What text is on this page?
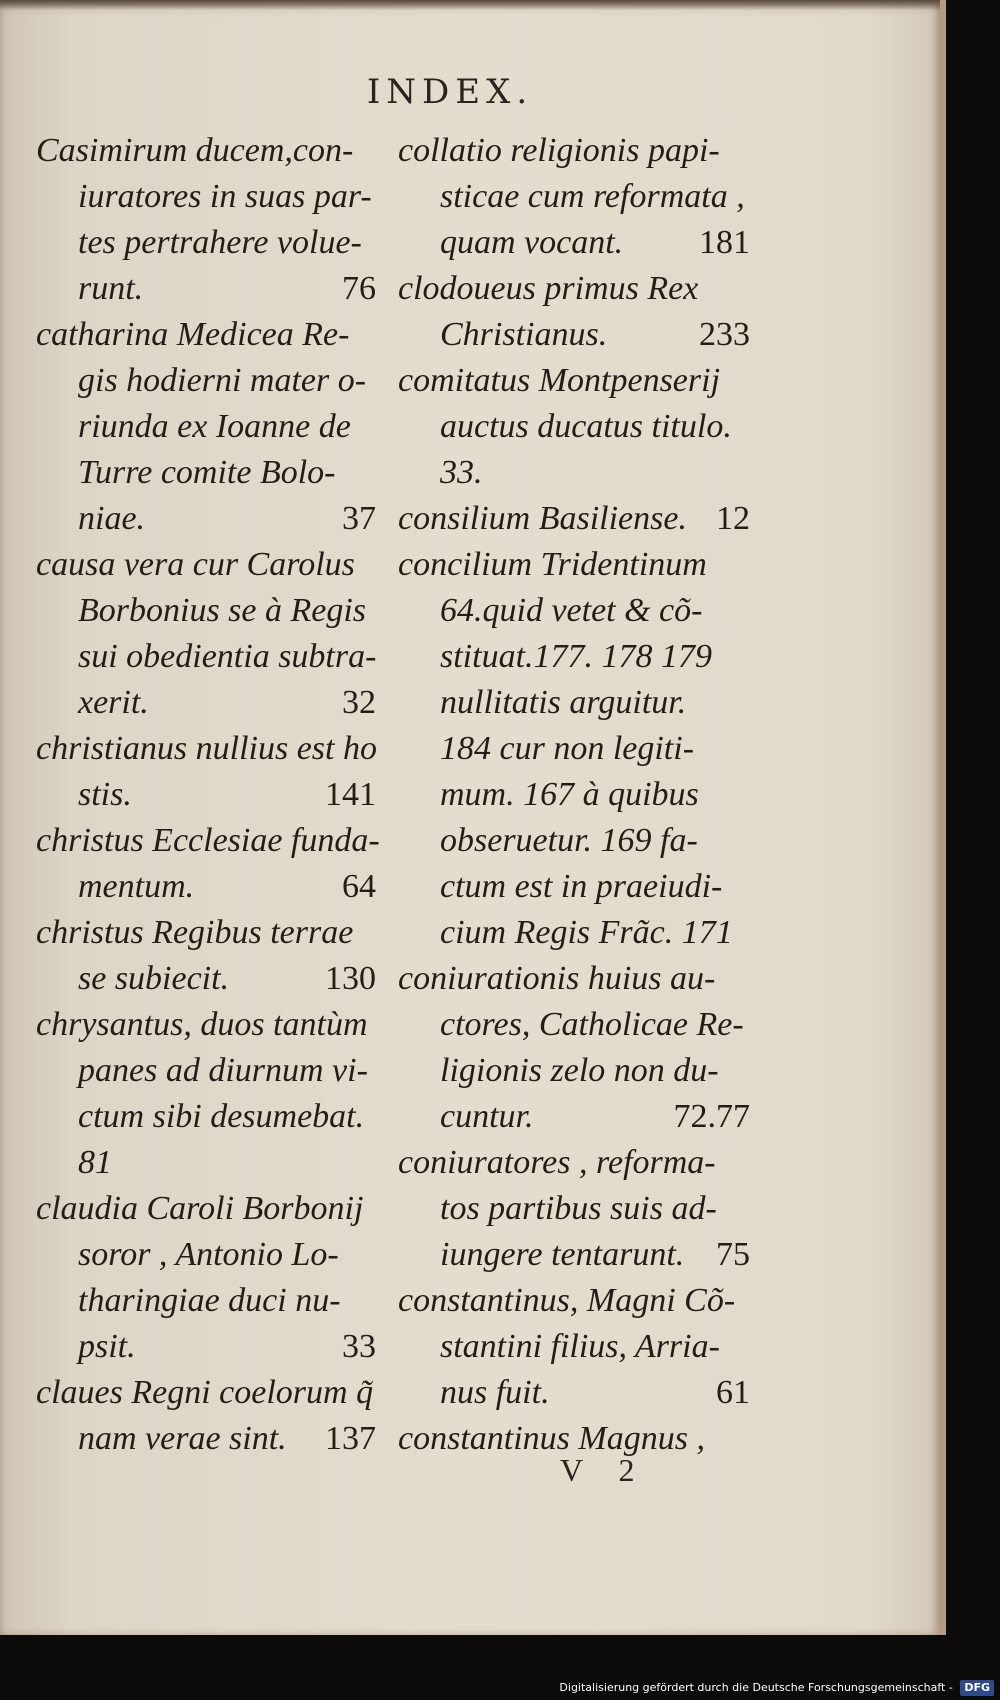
INDEX.
Casimirum ducem,con-
iuratores in suas par-
tes pertrahere volue-
76
runt.
catharina Medicea Re-
gis hodierni mater o-
riunda ex Ioanne de
Turre comite Bolo-
37
niae.
causa vera cur Carolus
Borbonius se à Regis
sui obedientia subtra-
32
xerit.
christianus nullius est ho
141
stis.
christus Ecclesiae funda-
64
mentum.
christus Regibus terrae
130
se subiecit.
chrysantus, duos tantùm
panes ad diurnum vi-
ctum sibi desumebat.
81
claudia Caroli Borbonij
soror , Antonio Lo-
tharingiae duci nu-
33
psit.
claues Regni coelorum q̃
137
nam verae sint.
collatio religionis papi-
sticae cum reformata ,
181
quam vocant.
clodoueus primus Rex
233
Christianus.
comitatus Montpenserij
auctus ducatus titulo.
33.
12
consilium Basiliense.
concilium Tridentinum
64.quid vetet & cõ-
stituat.177. 178 179
nullitatis arguitur.
184 cur non legiti-
mum. 167 à quibus
obseruetur. 169 fa-
ctum est in praeiudi-
cium Regis Frãc. 171
coniurationis huius au-
ctores, Catholicae Re-
ligionis zelo non du-
72.77
cuntur.
coniuratores , reforma-
tos partibus suis ad-
75
iungere tentarunt.
constantinus, Magni Cõ-
stantini filius, Arria-
61
nus fuit.
constantinus Magnus ,
V 2
Digitalisierung gefördert durch die Deutsche Forschungsgemeinschaft - DFG
